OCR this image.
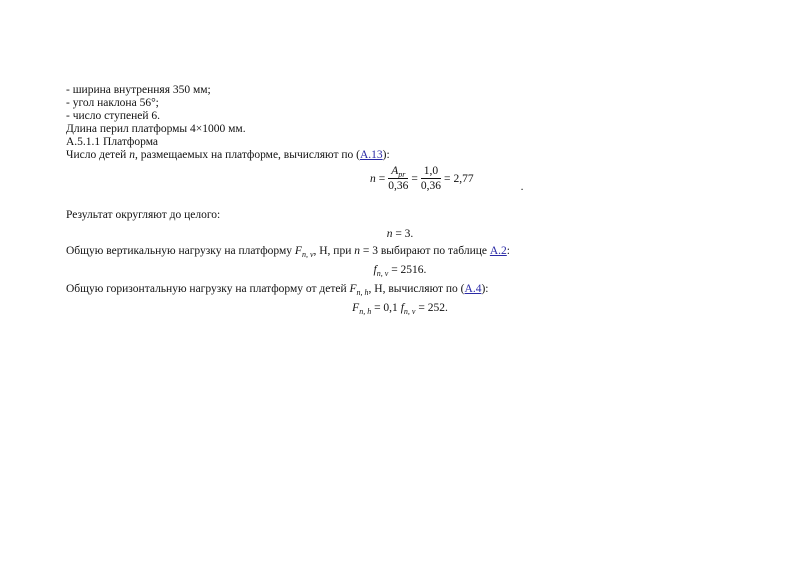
- ширина внутренняя 350 мм;
- угол наклона 56°;
- число ступеней 6.
Длина перил платформы 4×1000 мм.
А.5.1.1 Платформа
Число детей n, размещаемых на платформе, вычисляют по (А.13):
$n = \frac{A_{pr}}{0,36} = \frac{1,0}{0,36} = 2,77$
.
Результат округляют до целого:
n = 3.
Общую вертикальную нагрузку на платформу $F_{п, v}$, Н, при n = 3 выбирают по таблице А.2:
$f_{п, v} = 2516$.
Общую горизонтальную нагрузку на платформу от детей $F_{п, h}$, Н, вычисляют по (А.4):
$F_{п, h} = 0,1$ $f_{п, v} = 252$.
